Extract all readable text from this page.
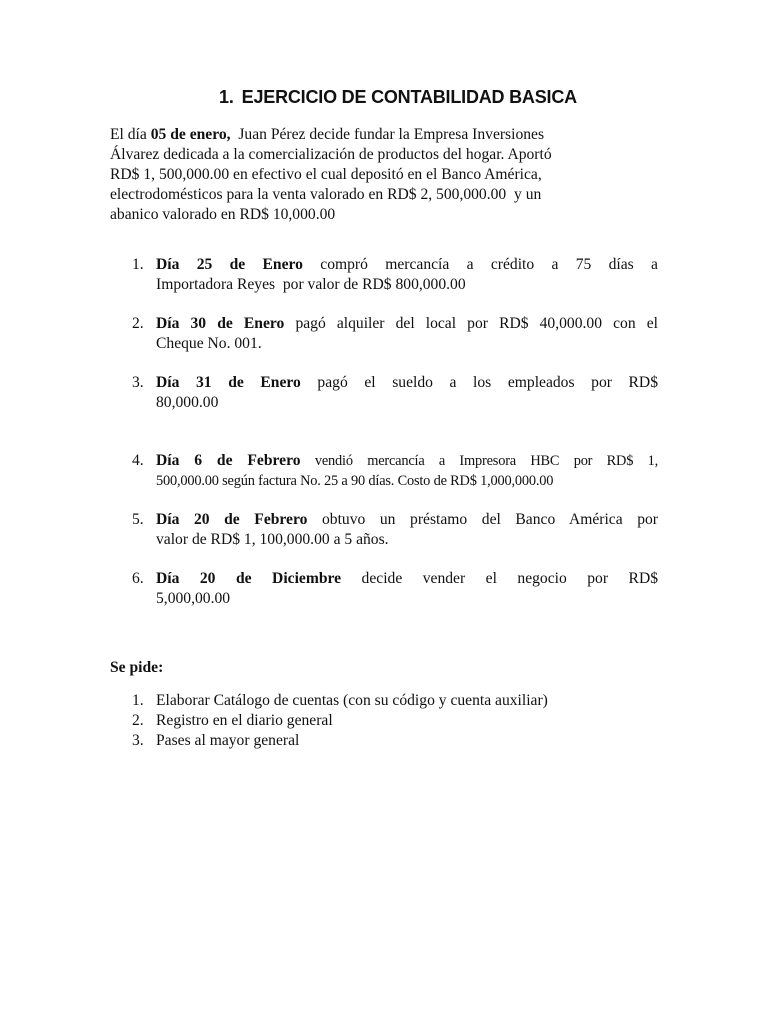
1. EJERCICIO DE CONTABILIDAD BASICA

El día 05 de enero,  Juan Pérez decide fundar la Empresa Inversiones

Álvarez dedicada a la comercialización de productos del hogar. Aportó

RD$ 1, 500,000.00 en efectivo el cual depositó en el Banco América,

electrodomésticos para la venta valorado en RD$ 2, 500,000.00  y un

abanico valorado en RD$ 10,000.00

1. Día 25 de Enero compró mercancía a crédito a 75 días a
Importadora Reyes  por valor de RD$ 800,000.00
2. Día 30 de Enero pagó alquiler del local por RD$ 40,000.00 con el
Cheque No. 001.
3. Día 31 de Enero pagó el sueldo a los empleados por RD$
80,000.00
4. Día 6 de Febrero vendió mercancía a Impresora HBC por RD$ 1,
500,000.00 según factura No. 25 a 90 días. Costo de RD$ 1,000,000.00
5. Día 20 de Febrero obtuvo un préstamo del Banco América por
valor de RD$ 1, 100,000.00 a 5 años.
6. Día 20 de Diciembre decide vender el negocio por RD$
5,000,00.00
Se pide:
1. Elaborar Catálogo de cuentas (con su código y cuenta auxiliar)
2. Registro en el diario general
3. Pases al mayor general
